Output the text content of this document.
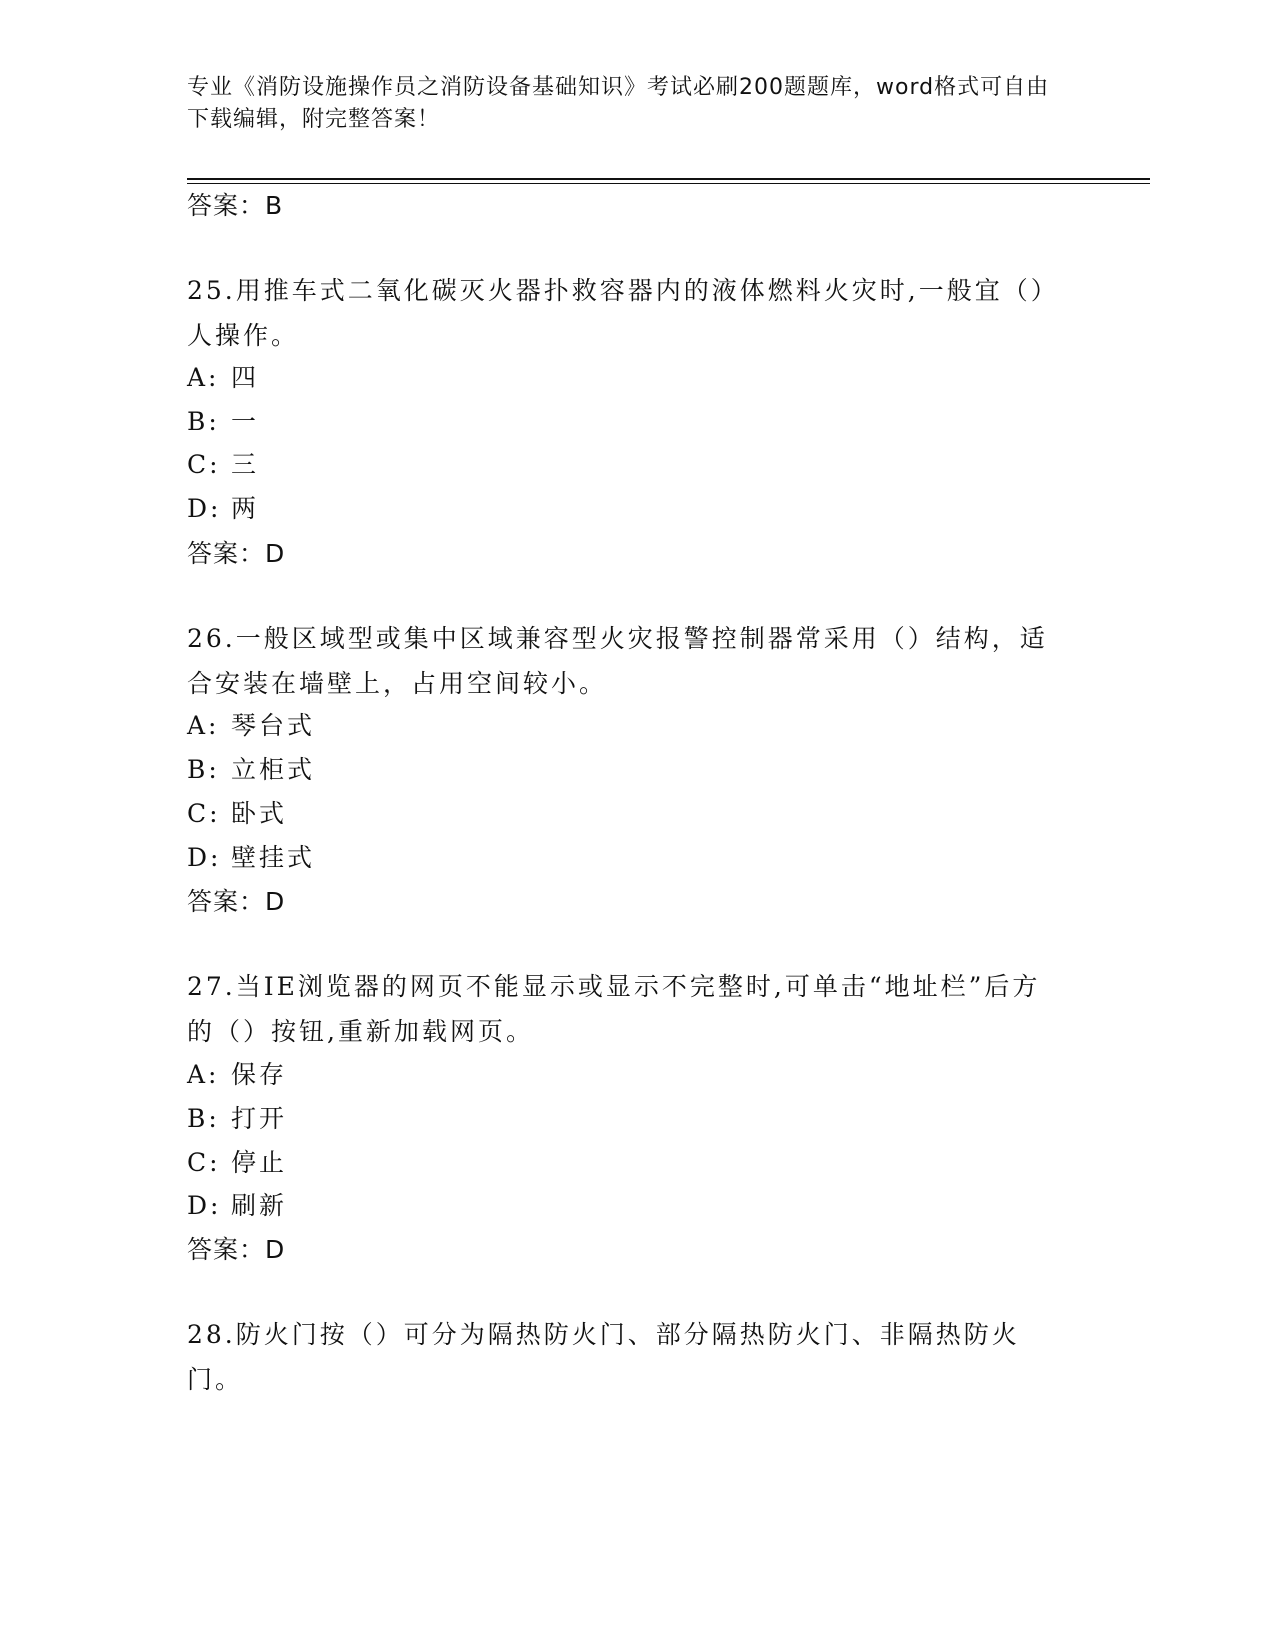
专业《消防设施操作员之消防设备基础知识》考试必刷200题题库，word格式可自由下载编辑，附完整答案！
答案：B
25.用推车式二氧化碳灭火器扑救容器内的液体燃料火灾时,一般宜（）人操作。
A: 四
B: 一
C: 三
D: 两
答案：D
26.一般区域型或集中区域兼容型火灾报警控制器常采用（）结构，适合安装在墙壁上，占用空间较小。
A: 琴台式
B: 立柜式
C: 卧式
D: 壁挂式
答案：D
27.当IE浏览器的网页不能显示或显示不完整时,可单击“地址栏”后方的（）按钮,重新加载网页。
A: 保存
B: 打开
C: 停止
D: 刷新
答案：D
28.防火门按（）可分为隔热防火门、部分隔热防火门、非隔热防火门。
